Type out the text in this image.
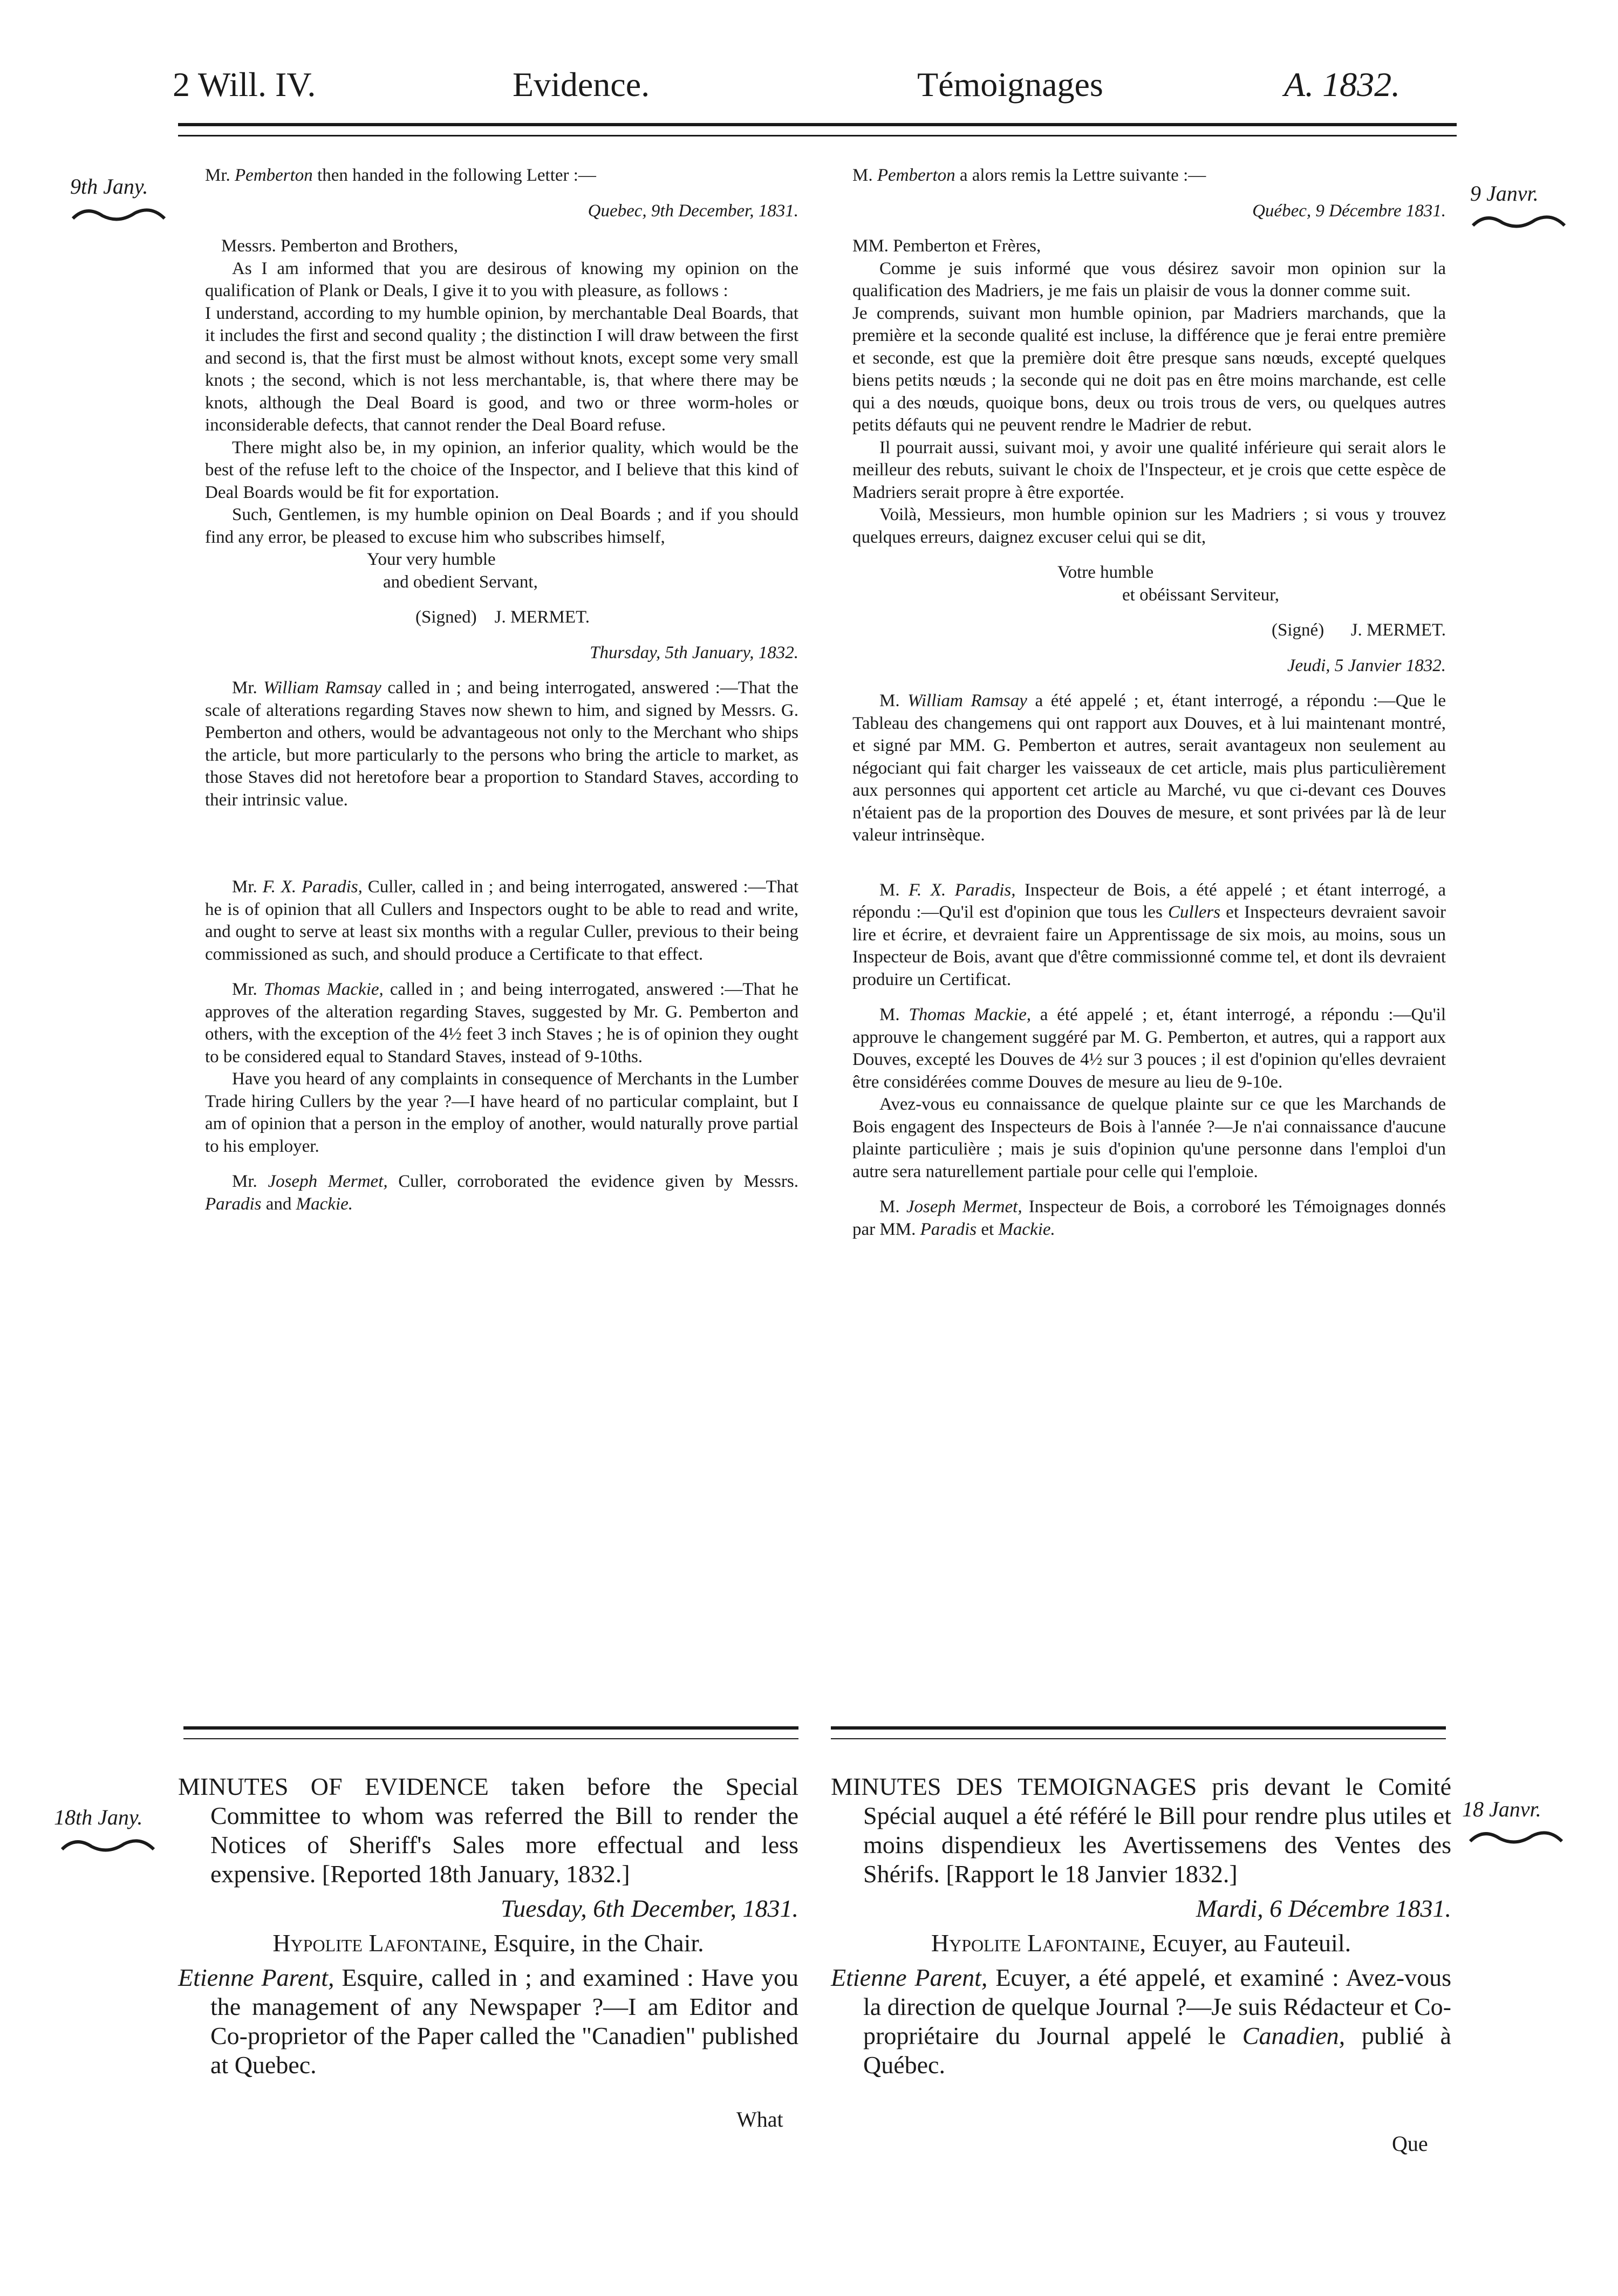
2 Will. IV.	Evidence.	Témoignages	A. 1832.
9th Jany.	9 Janvr.
18th Jany.	18 Janvr.

Mr. Pemberton then handed in the following Letter :—

Quebec, 9th December, 1831.

Messrs. Pemberton and Brothers,

As I am informed that you are desirous of knowing my opinion on the qualification of Plank or Deals, I give it to you with pleasure, as follows :

I understand, according to my humble opinion, by merchantable Deal Boards, that it includes the first and second quality ; the distinction I will draw between the first and second is, that the first must be almost without knots, except some very small knots ; the second, which is not less merchantable, is, that where there may be knots, although the Deal Board is good, and two or three worm-holes or inconsiderable defects, that cannot render the Deal Board refuse.

There might also be, in my opinion, an inferior quality, which would be the best of the refuse left to the choice of the Inspector, and I believe that this kind of Deal Boards would be fit for exportation.

Such, Gentlemen, is my humble opinion on Deal Boards ; and if you should find any error, be pleased to excuse him who subscribes himself,

Your very humble

and obedient Servant,

(Signed) J. MERMET.

Thursday, 5th January, 1832.

Mr. William Ramsay called in ; and being interrogated, answered :—That the scale of alterations regarding Staves now shewn to him, and signed by Messrs. G. Pemberton and others, would be advantageous not only to the Merchant who ships the article, but more particularly to the persons who bring the article to market, as those Staves did not heretofore bear a proportion to Standard Staves, according to their intrinsic value.

Mr. F. X. Paradis, Culler, called in ; and being interrogated, answered :—That he is of opinion that all Cullers and Inspectors ought to be able to read and write, and ought to serve at least six months with a regular Culler, previous to their being commissioned as such, and should produce a Certificate to that effect.

Mr. Thomas Mackie, called in ; and being interrogated, answered :—That he approves of the alteration regarding Staves, suggested by Mr. G. Pemberton and others, with the exception of the 4½ feet 3 inch Staves ; he is of opinion they ought to be considered equal to Standard Staves, instead of 9-10ths.

Have you heard of any complaints in consequence of Merchants in the Lumber Trade hiring Cullers by the year ?—I have heard of no particular complaint, but I am of opinion that a person in the employ of another, would naturally prove partial to his employer.

Mr. Joseph Mermet, Culler, corroborated the evidence given by Messrs. Paradis and Mackie.

M. Pemberton a alors remis la Lettre suivante :—

Québec, 9 Décembre 1831.

MM. Pemberton et Frères,

Comme je suis informé que vous désirez savoir mon opinion sur la qualification des Madriers, je me fais un plaisir de vous la donner comme suit.

Je comprends, suivant mon humble opinion, par Madriers marchands, que la première et la seconde qualité est incluse, la différence que je ferai entre première et seconde, est que la première doit être presque sans nœuds, excepté quelques biens petits nœuds ; la seconde qui ne doit pas en être moins marchande, est celle qui a des nœuds, quoique bons, deux ou trois trous de vers, ou quelques autres petits défauts qui ne peuvent rendre le Madrier de rebut.

Il pourrait aussi, suivant moi, y avoir une qualité inférieure qui serait alors le meilleur des rebuts, suivant le choix de l'Inspecteur, et je crois que cette espèce de Madriers serait propre à être exportée.

Voilà, Messieurs, mon humble opinion sur les Madriers ; si vous y trouvez quelques erreurs, daignez excuser celui qui se dit,

Votre humble

et obéissant Serviteur,

(Signé) J. MERMET.

Jeudi, 5 Janvier 1832.

M. William Ramsay a été appelé ; et, étant interrogé, a répondu :—Que le Tableau des changemens qui ont rapport aux Douves, et à lui maintenant montré, et signé par MM. G. Pemberton et autres, serait avantageux non seulement au négociant qui fait charger les vaisseaux de cet article, mais plus particulièrement aux personnes qui apportent cet article au Marché, vu que ci-devant ces Douves n'étaient pas de la proportion des Douves de mesure, et sont privées par là de leur valeur intrinsèque.

M. F. X. Paradis, Inspecteur de Bois, a été appelé ; et étant interrogé, a répondu :—Qu'il est d'opinion que tous les Cullers et Inspecteurs devraient savoir lire et écrire, et devraient faire un Apprentissage de six mois, au moins, sous un Inspecteur de Bois, avant que d'être commissionné comme tel, et dont ils devraient produire un Certificat.

M. Thomas Mackie, a été appelé ; et, étant interrogé, a répondu :—Qu'il approuve le changement suggéré par M. G. Pemberton, et autres, qui a rapport aux Douves, excepté les Douves de 4½ sur 3 pouces ; il est d'opinion qu'elles devraient être considérées comme Douves de mesure au lieu de 9-10e.

Avez-vous eu connaissance de quelque plainte sur ce que les Marchands de Bois engagent des Inspecteurs de Bois à l'année ?—Je n'ai connaissance d'aucune plainte particulière ; mais je suis d'opinion qu'une personne dans l'emploi d'un autre sera naturellement partiale pour celle qui l'emploie.

M. Joseph Mermet, Inspecteur de Bois, a corroboré les Témoignages donnés par MM. Paradis et Mackie.

MINUTES OF EVIDENCE taken before the Special Committee to whom was referred the Bill to render the Notices of Sheriff's Sales more effectual and less expensive. [Reported 18th January, 1832.]

Tuesday, 6th December, 1831.

Hypolite Lafontaine, Esquire, in the Chair.

Etienne Parent, Esquire, called in ; and examined : Have you the management of any Newspaper ?—I am Editor and Co-proprietor of the Paper called the "Canadien" published at Quebec.

What

MINUTES DES TEMOIGNAGES pris devant le Comité Spécial auquel a été référé le Bill pour rendre plus utiles et moins dispendieux les Avertissemens des Ventes des Shérifs. [Rapport le 18 Janvier 1832.]

Mardi, 6 Décembre 1831.

Hypolite Lafontaine, Ecuyer, au Fauteuil.

Etienne Parent, Ecuyer, a été appelé, et examiné : Avez-vous la direction de quelque Journal ?—Je suis Rédacteur et Co-propriétaire du Journal appelé le Canadien, publié à Québec.

Que
